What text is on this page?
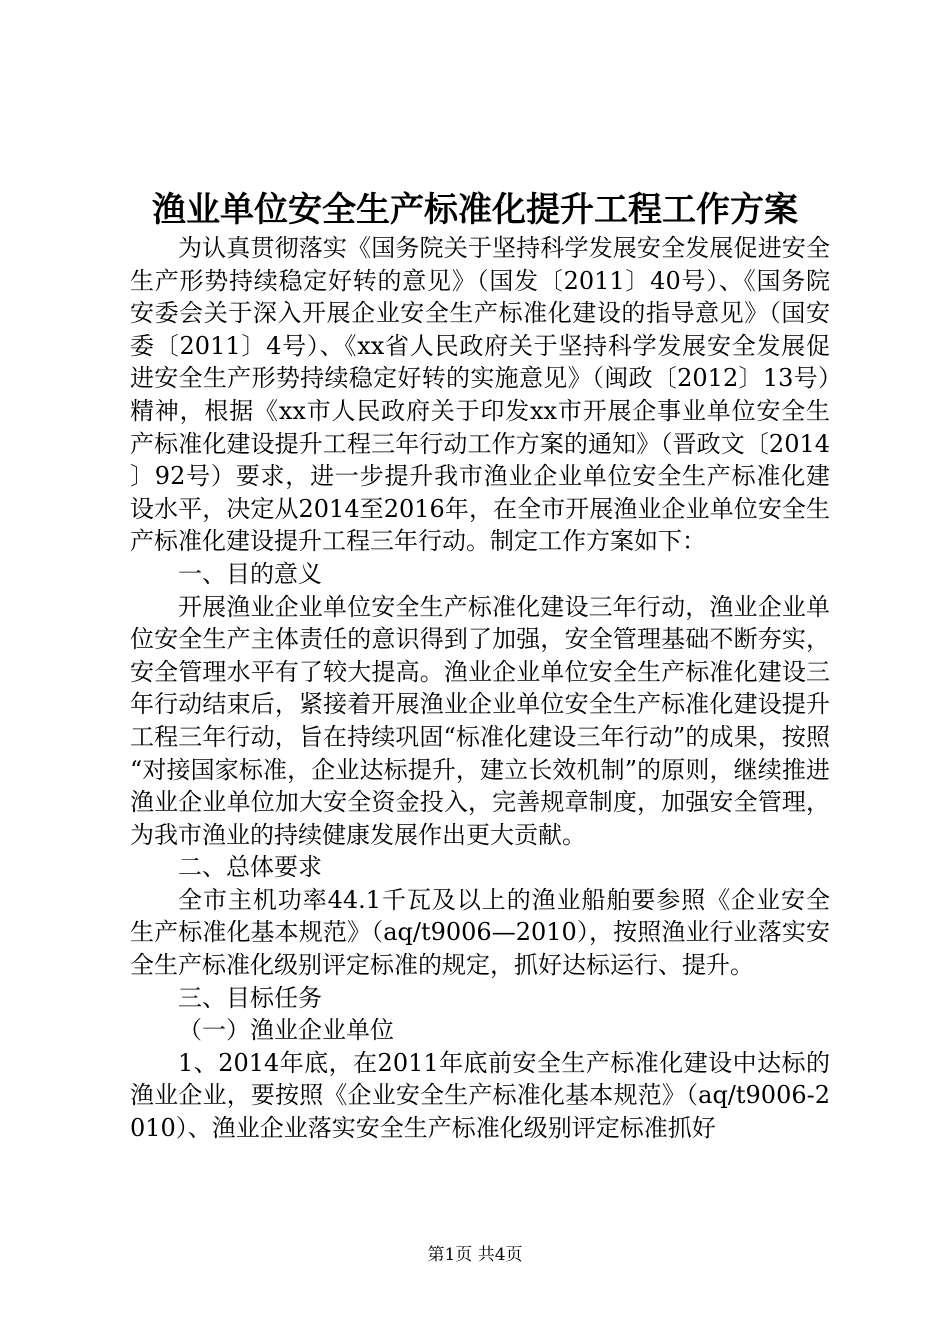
渔业单位安全生产标准化提升工程工作方案

为认真贯彻落实《国务院关于坚持科学发展安全发展促进安全生产形势持续稳定好转的意见》（国发〔2011〕40号）、《国务院安委会关于深入开展企业安全生产标准化建设的指导意见》（国安委〔2011〕4号）、《xx省人民政府关于坚持科学发展安全发展促进安全生产形势持续稳定好转的实施意见》（闽政〔2012〕13号）精神，根据《xx市人民政府关于印发xx市开展企事业单位安全生产标准化建设提升工程三年行动工作方案的通知》（晋政文〔2014〕92号）要求，进一步提升我市渔业企业单位安全生产标准化建设水平，决定从2014至2016年，在全市开展渔业企业单位安全生产标准化建设提升工程三年行动。制定工作方案如下：

一、目的意义

开展渔业企业单位安全生产标准化建设三年行动，渔业企业单位安全生产主体责任的意识得到了加强，安全管理基础不断夯实，安全管理水平有了较大提高。渔业企业单位安全生产标准化建设三年行动结束后，紧接着开展渔业企业单位安全生产标准化建设提升工程三年行动，旨在持续巩固“标准化建设三年行动”的成果，按照“对接国家标准，企业达标提升，建立长效机制”的原则，继续推进渔业企业单位加大安全资金投入，完善规章制度，加强安全管理，为我市渔业的持续健康发展作出更大贡献。

二、总体要求

全市主机功率44.1千瓦及以上的渔业船舶要参照《企业安全生产标准化基本规范》（aq/t9006—2010），按照渔业行业落实安全生产标准化级别评定标准的规定，抓好达标运行、提升。

三、目标任务

（一）渔业企业单位

1、2014年底，在2011年底前安全生产标准化建设中达标的渔业企业，要按照《企业安全生产标准化基本规范》（aq/t9006-2010）、渔业企业落实安全生产标准化级别评定标准抓好

第1页 共4页
